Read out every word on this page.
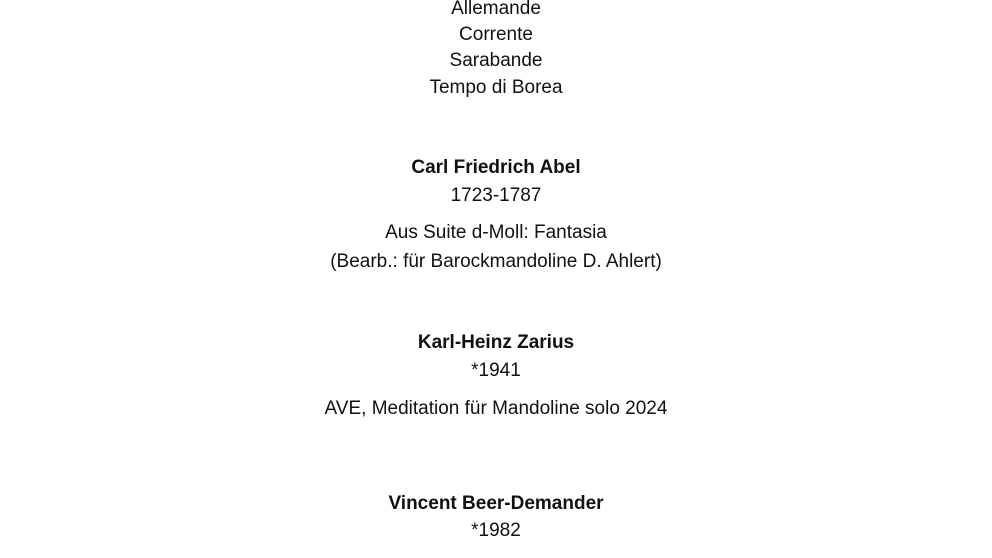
Allemande
Corrente
Sarabande
Tempo di Borea
Carl Friedrich Abel
1723-1787
Aus Suite d-Moll: Fantasia
(Bearb.: für Barockmandoline D. Ahlert)
Karl-Heinz Zarius
*1941
AVE, Meditation für Mandoline solo 2024
Vincent Beer-Demander
*1982
